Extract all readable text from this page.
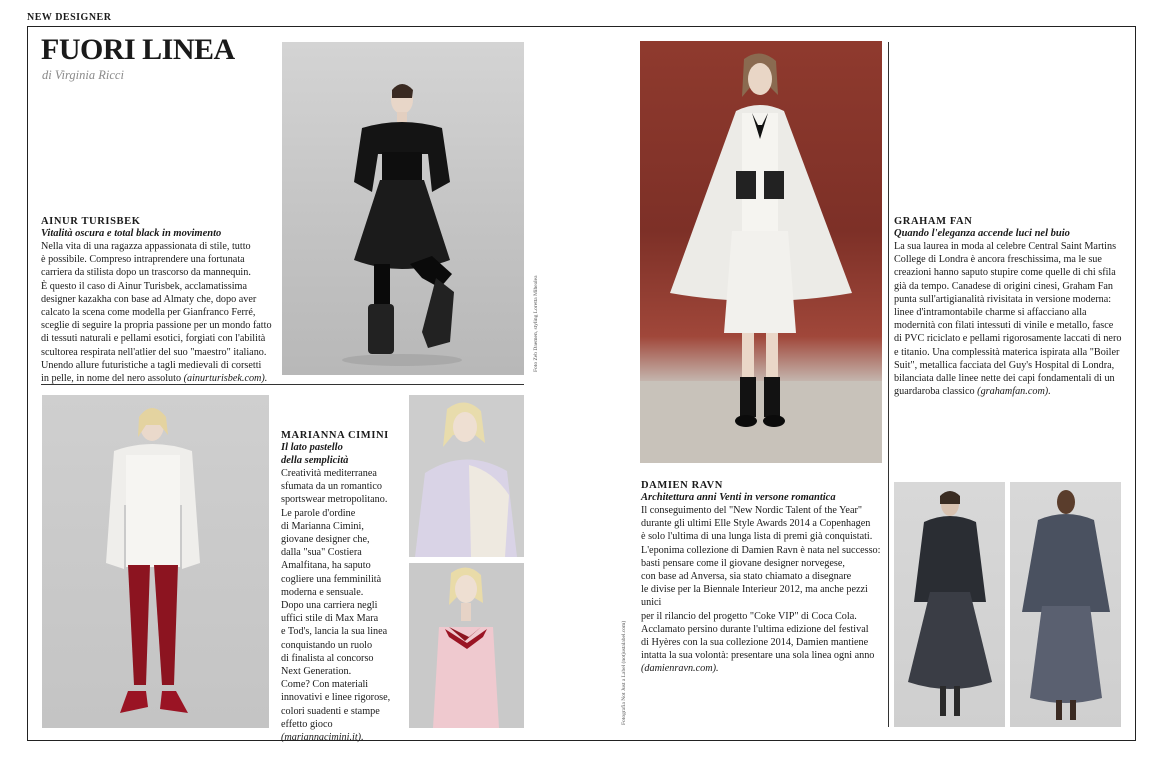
NEW DESIGNER
FUORI LINEA
di Virginia Ricci
Foto Zeb Daemen, styling Loretta Mihealea
AINUR TURISBEK
Vitalità oscura e total black in movimento
Nella vita di una ragazza appassionata di stile, tutto
è possibile. Compreso intraprendere una fortunata
carriera da stilista dopo un trascorso da mannequin.
È questo il caso di Ainur Turisbek, acclamatissima
designer kazakha con base ad Almaty che, dopo aver
calcato la scena come modella per Gianfranco Ferré,
sceglie di seguire la propria passione per un mondo fatto
di tessuti naturali e pellami esotici, forgiati con l'abilità
scultorea respirata nell'atlier del suo "maestro" italiano.
Unendo allure futuristiche a tagli medievali di corsetti
in pelle, in nome del nero assoluto (ainurturisbek.com).
MARIANNA CIMINI
Il lato pastello
della semplicità
Creatività mediterranea
sfumata da un romantico
sportswear metropolitano.
Le parole d'ordine
di Marianna Cimini,
giovane designer che,
dalla "sua" Costiera
Amalfitana, ha saputo
cogliere una femminilità
moderna e sensuale.
Dopo una carriera negli
uffici stile di Max Mara
e Tod's, lancia la sua linea
conquistando un ruolo
di finalista al concorso
Next Generation.
Come? Con materiali
innovativi e linee rigorose,
colori suadenti e stampe
effetto gioco
(mariannacimini.it).
Fotografia Not Just a Label (notjustalabel.com)
DAMIEN RAVN
Architettura anni Venti in versone romantica
Il conseguimento del "New Nordic Talent of the Year"
durante gli ultimi Elle Style Awards 2014 a Copenhagen
è solo l'ultima di una lunga lista di premi già conquistati.
L'eponima collezione di Damien Ravn è nata nel successo:
basti pensare come il giovane designer norvegese,
con base ad Anversa, sia stato chiamato a disegnare
le divise per la Biennale Interieur 2012, ma anche pezzi unici
per il rilancio del progetto "Coke VIP" di Coca Cola.
Acclamato persino durante l'ultima edizione del festival
di Hyères con la sua collezione 2014, Damien mantiene
intatta la sua volontà: presentare una sola linea ogni anno
(damienravn.com).
GRAHAM FAN
Quando l'eleganza accende luci nel buio
La sua laurea in moda al celebre Central Saint Martins
College di Londra è ancora freschissima, ma le sue
creazioni hanno saputo stupire come quelle di chi sfila
già da tempo. Canadese di origini cinesi, Graham Fan
punta sull'artigianalità rivisitata in versione moderna:
linee d'intramontabile charme si affacciano alla
modernità con filati intessuti di vinile e metallo, fasce
di PVC riciclato e pellami rigorosamente laccati di nero
e titanio. Una complessità materica ispirata alla "Boiler
Suit", metallica facciata del Guy's Hospital di Londra,
bilanciata dalle linee nette dei capi fondamentali di un
guardaroba classico (grahamfan.com).
